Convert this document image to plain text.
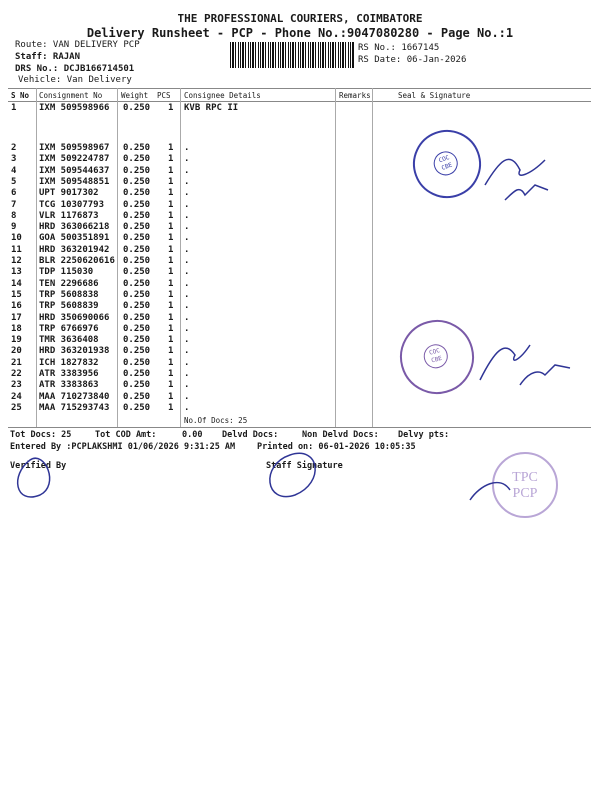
THE PROFESSIONAL COURIERS, COIMBATORE
Delivery Runsheet - PCP - Phone No.:9047080280 - Page No.:1
Route: VAN DELIVERY PCP
Staff: RAJAN
DRS No.: DCJB166714501
Vehicle: Van Delivery
RS No.: 1667145
RS Date: 06-Jan-2026
S No Consignment No	Weight PCS Consignee Details	Remarks	Seal & Signature
1	IXM 509598966 0.250 1 KVB RPC II
2	IXM 509598967 0.250 1 .
3	IXM 509224787 0.250 1 .
4	IXM 509544637 0.250 1 .
5	IXM 509548851 0.250 1 .
6	UPT 9017302	0.250 1 .
7	TCG 10307793 0.250 1 .
8	VLR 1176873	0.250 1 .
9	HRD 363066218 0.250 1 .
10 GOA 500351891 0.250 1 .
11 HRD 363201942 0.250 1 .
12 BLR 2250620616 0.250 1 .
13 TDP 115030	0.250 1 .
14 TEN 2296686	0.250 1 .
15 TRP 5608838	0.250 1 .
16 TRP 5608839	0.250 1 .
17 HRD 350690066 0.250 1 .
18 TRP 6766976	0.250 1 .
19 TMR 3636408	0.250 1 .
20 HRD 363201938 0.250 1 .
21 ICH 1827832	0.250 1 .
22 ATR 3383956	0.250 1 .
23 ATR 3383863	0.250 1 .
24 MAA 710273840 0.250 1 .
25 MAA 715293743 0.250 1 .
No.Of Docs: 25
Tot Docs: 25	Tot COD Amt:     0.00 Delvd Docs:	Non Delvd Docs: Delvy pts:
Entered By :PCPLAKSHMI 01/06/2026 9:31:25 AM	Printed on: 06-01-2026 10:05:35
Verified By	Staff Signature
COC
CBE
COC
CBE
TPC
PCP
